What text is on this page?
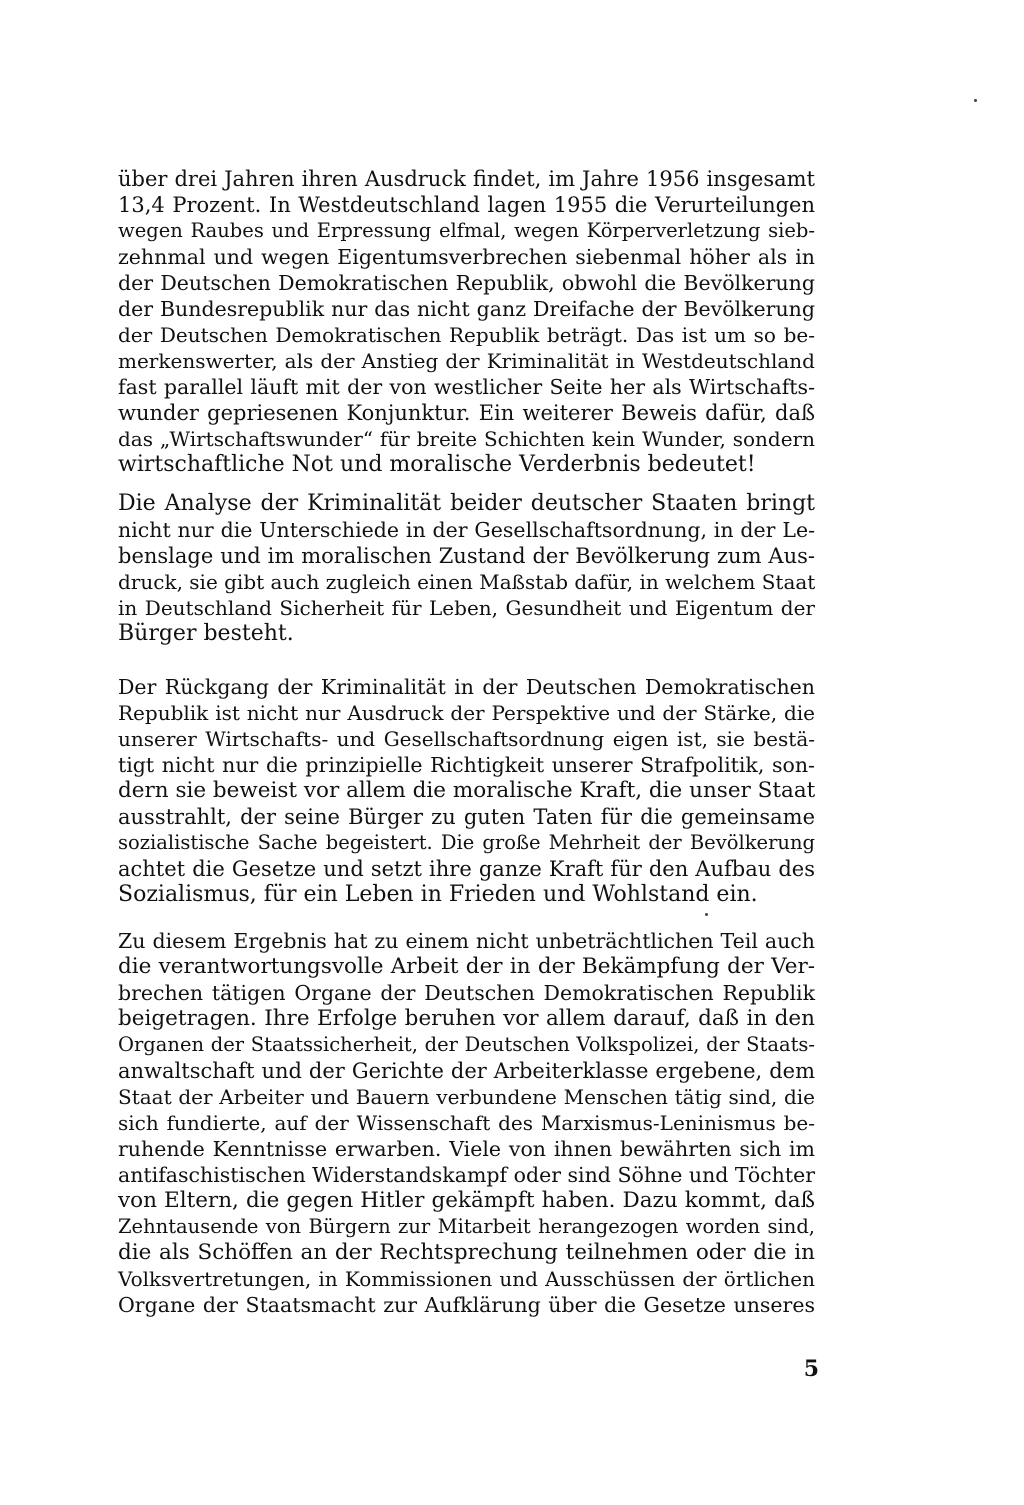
über drei Jahren ihren Ausdruck findet, im Jahre 1956 insgesamt
13,4 Prozent. In Westdeutschland lagen 1955 die Verurteilungen
wegen Raubes und Erpressung elfmal, wegen Körperverletzung sieb-
zehnmal und wegen Eigentumsverbrechen siebenmal höher als in
der Deutschen Demokratischen Republik, obwohl die Bevölkerung
der Bundesrepublik nur das nicht ganz Dreifache der Bevölkerung
der Deutschen Demokratischen Republik beträgt. Das ist um so be-
merkenswerter, als der Anstieg der Kriminalität in Westdeutschland
fast parallel läuft mit der von westlicher Seite her als Wirtschafts-
wunder gepriesenen Konjunktur. Ein weiterer Beweis dafür, daß
das „Wirtschaftswunder“ für breite Schichten kein Wunder, sondern
wirtschaftliche Not und moralische Verderbnis bedeutet!
Die Analyse der Kriminalität beider deutscher Staaten bringt
nicht nur die Unterschiede in der Gesellschaftsordnung, in der Le-
benslage und im moralischen Zustand der Bevölkerung zum Aus-
druck, sie gibt auch zugleich einen Maßstab dafür, in welchem Staat
in Deutschland Sicherheit für Leben, Gesundheit und Eigentum der
Bürger besteht.
Der Rückgang der Kriminalität in der Deutschen Demokratischen
Republik ist nicht nur Ausdruck der Perspektive und der Stärke, die
unserer Wirtschafts- und Gesellschaftsordnung eigen ist, sie bestä-
tigt nicht nur die prinzipielle Richtigkeit unserer Strafpolitik, son-
dern sie beweist vor allem die moralische Kraft, die unser Staat
ausstrahlt, der seine Bürger zu guten Taten für die gemeinsame
sozialistische Sache begeistert. Die große Mehrheit der Bevölkerung
achtet die Gesetze und setzt ihre ganze Kraft für den Aufbau des
Sozialismus, für ein Leben in Frieden und Wohlstand ein.
Zu diesem Ergebnis hat zu einem nicht unbeträchtlichen Teil auch
die verantwortungsvolle Arbeit der in der Bekämpfung der Ver-
brechen tätigen Organe der Deutschen Demokratischen Republik
beigetragen. Ihre Erfolge beruhen vor allem darauf, daß in den
Organen der Staatssicherheit, der Deutschen Volkspolizei, der Staats-
anwaltschaft und der Gerichte der Arbeiterklasse ergebene, dem
Staat der Arbeiter und Bauern verbundene Menschen tätig sind, die
sich fundierte, auf der Wissenschaft des Marxismus-Leninismus be-
ruhende Kenntnisse erwarben. Viele von ihnen bewährten sich im
antifaschistischen Widerstandskampf oder sind Söhne und Töchter
von Eltern, die gegen Hitler gekämpft haben. Dazu kommt, daß
Zehntausende von Bürgern zur Mitarbeit herangezogen worden sind,
die als Schöffen an der Rechtsprechung teilnehmen oder die in
Volksvertretungen, in Kommissionen und Ausschüssen der örtlichen
Organe der Staatsmacht zur Aufklärung über die Gesetze unseres
5
